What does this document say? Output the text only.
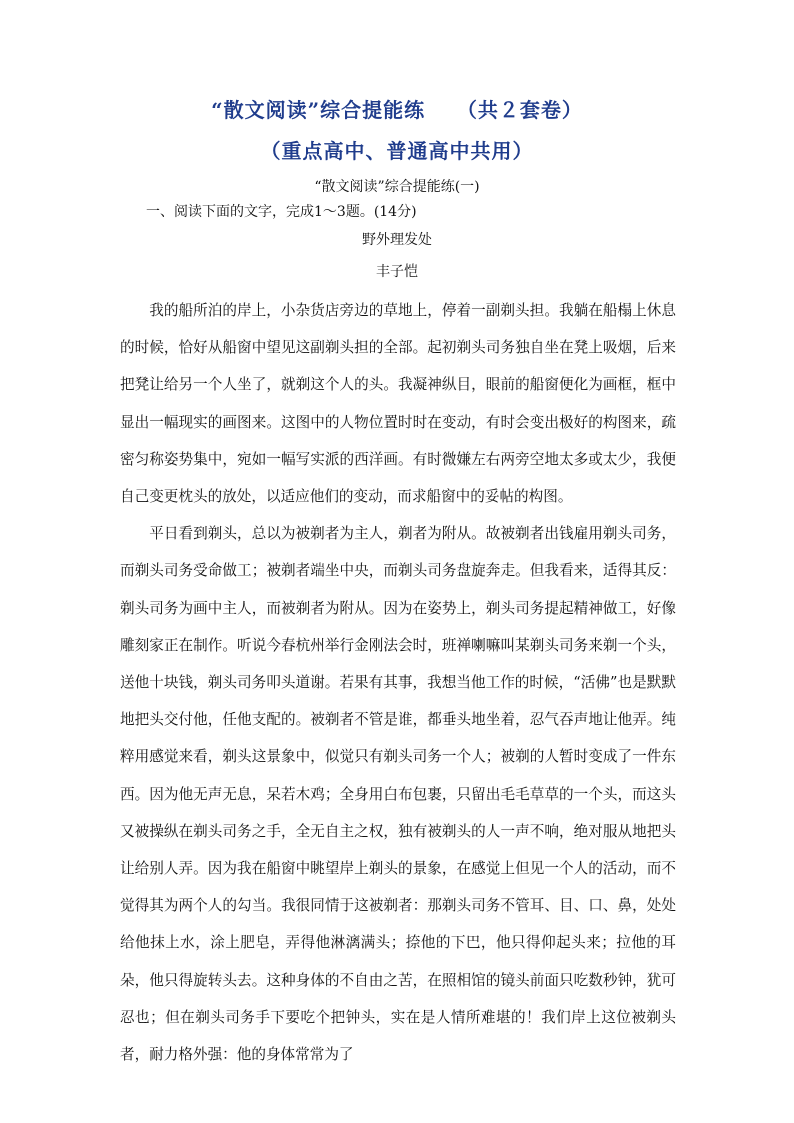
“散文阅读”综合提能练    （共２套卷）
（重点高中、普通高中共用）
“散文阅读”综合提能练(一)
一、阅读下面的文字，完成1～3题。(14分)
野外理发处
丰子恺

我的船所泊的岸上，小杂货店旁边的草地上，停着一副剃头担。我躺在船榻上休息的时候，恰好从船窗中望见这副剃头担的全部。起初剃头司务独自坐在凳上吸烟，后来把凳让给另一个人坐了，就剃这个人的头。我凝神纵目，眼前的船窗便化为画框，框中显出一幅现实的画图来。这图中的人物位置时时在变动，有时会变出极好的构图来，疏密匀称姿势集中，宛如一幅写实派的西洋画。有时微嫌左右两旁空地太多或太少，我便自己变更枕头的放处，以适应他们的变动，而求船窗中的妥帖的构图。

平日看到剃头，总以为被剃者为主人，剃者为附从。故被剃者出钱雇用剃头司务，而剃头司务受命做工；被剃者端坐中央，而剃头司务盘旋奔走。但我看来，适得其反：剃头司务为画中主人，而被剃者为附从。因为在姿势上，剃头司务提起精神做工，好像雕刻家正在制作。听说今春杭州举行金刚法会时，班禅喇嘛叫某剃头司务来剃一个头，送他十块钱，剃头司务叩头道谢。若果有其事，我想当他工作的时候，“活佛”也是默默地把头交付他，任他支配的。被剃者不管是谁，都垂头地坐着，忍气吞声地让他弄。纯粹用感觉来看，剃头这景象中，似觉只有剃头司务一个人；被剃的人暂时变成了一件东西。因为他无声无息，呆若木鸡；全身用白布包裹，只留出毛毛草草的一个头，而这头又被操纵在剃头司务之手，全无自主之权，独有被剃头的人一声不响，绝对服从地把头让给别人弄。因为我在船窗中眺望岸上剃头的景象，在感觉上但见一个人的活动，而不觉得其为两个人的勾当。我很同情于这被剃者：那剃头司务不管耳、目、口、鼻，处处给他抹上水，涂上肥皂，弄得他淋漓满头；捺他的下巴，他只得仰起头来；拉他的耳朵，他只得旋转头去。这种身体的不自由之苦，在照相馆的镜头前面只吃数秒钟，犹可忍也；但在剃头司务手下要吃个把钟头，实在是人情所难堪的！我们岸上这位被剃头者，耐力格外强：他的身体常常为了
